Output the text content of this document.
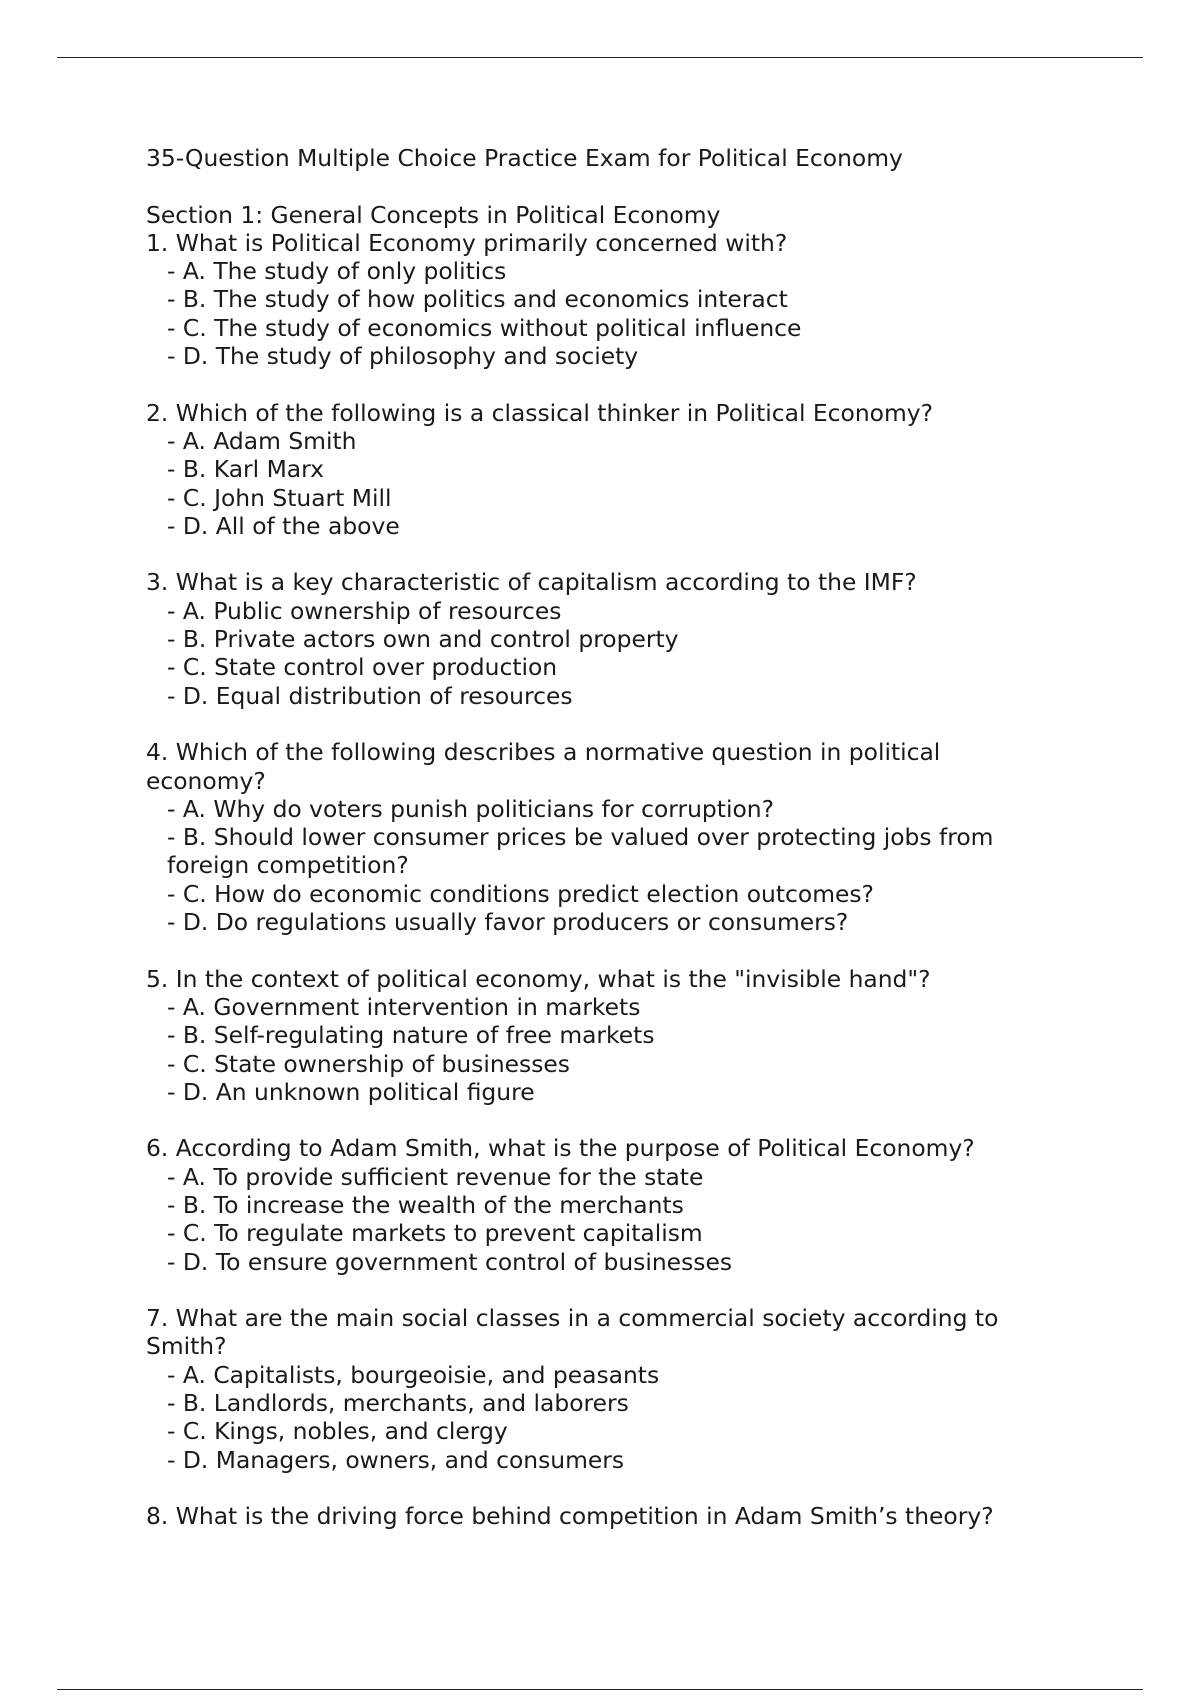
35-Question Multiple Choice Practice Exam for Political Economy
Section 1: General Concepts in Political Economy
1. What is Political Economy primarily concerned with?
- A. The study of only politics
- B. The study of how politics and economics interact
- C. The study of economics without political influence
- D. The study of philosophy and society
2. Which of the following is a classical thinker in Political Economy?
- A. Adam Smith
- B. Karl Marx
- C. John Stuart Mill
- D. All of the above
3. What is a key characteristic of capitalism according to the IMF?
- A. Public ownership of resources
- B. Private actors own and control property
- C. State control over production
- D. Equal distribution of resources
4. Which of the following describes a normative question in political economy?
- A. Why do voters punish politicians for corruption?
- B. Should lower consumer prices be valued over protecting jobs from foreign competition?
- C. How do economic conditions predict election outcomes?
- D. Do regulations usually favor producers or consumers?
5. In the context of political economy, what is the "invisible hand"?
- A. Government intervention in markets
- B. Self-regulating nature of free markets
- C. State ownership of businesses
- D. An unknown political figure
6. According to Adam Smith, what is the purpose of Political Economy?
- A. To provide sufficient revenue for the state
- B. To increase the wealth of the merchants
- C. To regulate markets to prevent capitalism
- D. To ensure government control of businesses
7. What are the main social classes in a commercial society according to Smith?
- A. Capitalists, bourgeoisie, and peasants
- B. Landlords, merchants, and laborers
- C. Kings, nobles, and clergy
- D. Managers, owners, and consumers
8. What is the driving force behind competition in Adam Smith’s theory?
